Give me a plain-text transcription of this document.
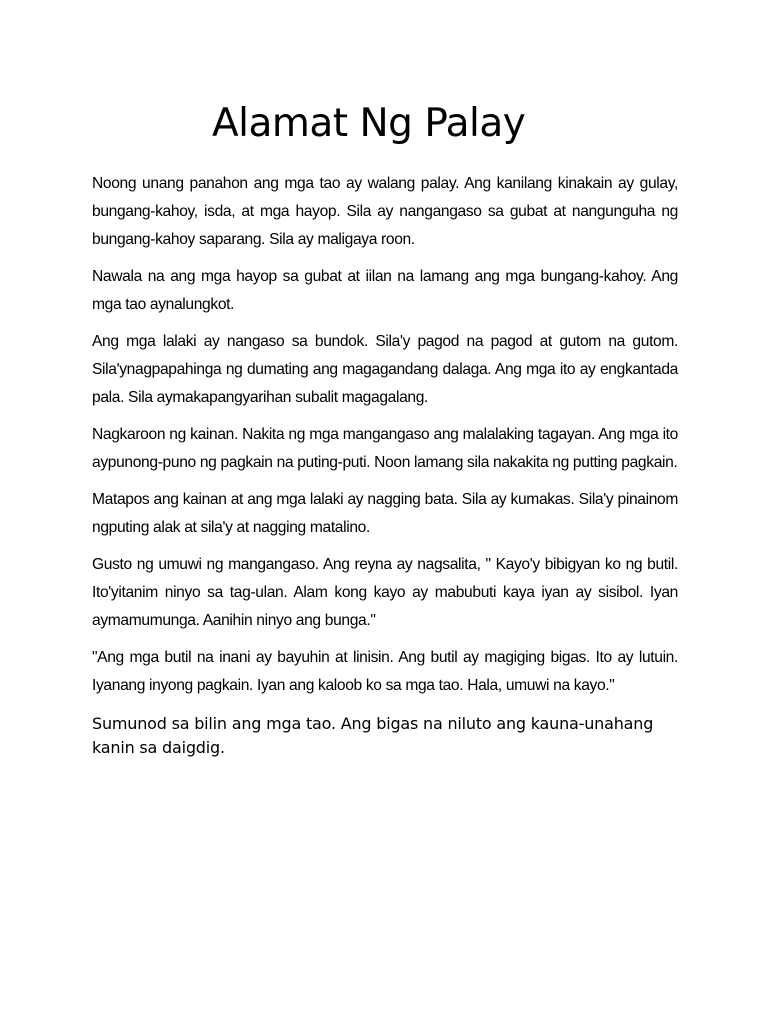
Alamat Ng Palay

Noong unang panahon ang mga tao ay walang palay. Ang kanilang kinakain ay gulay, bungang-kahoy, isda, at mga hayop. Sila ay nangangaso sa gubat at nangunguha ng bungang-kahoy saparang. Sila ay maligaya roon.

Nawala na ang mga hayop sa gubat at iilan na lamang ang mga bungang-kahoy. Ang mga tao aynalungkot.

Ang mga lalaki ay nangaso sa bundok. Sila'y pagod na pagod at gutom na gutom. Sila'ynagpapahinga ng dumating ang magagandang dalaga. Ang mga ito ay engkantada pala. Sila aymakapangyarihan subalit magagalang.

Nagkaroon ng kainan. Nakita ng mga mangangaso ang malalaking tagayan. Ang mga ito aypunong-puno ng pagkain na puting-puti. Noon lamang sila nakakita ng putting pagkain.

Matapos ang kainan at ang mga lalaki ay nagging bata. Sila ay kumakas. Sila'y pinainom ngputing alak at sila'y at nagging matalino.

Gusto ng umuwi ng mangangaso. Ang reyna ay nagsalita, " Kayo'y bibigyan ko ng butil. Ito'yitanim ninyo sa tag-ulan. Alam kong kayo ay mabubuti kaya iyan ay sisibol. Iyan aymamumunga. Aanihin ninyo ang bunga."

"Ang mga butil na inani ay bayuhin at linisin. Ang butil ay magiging bigas. Ito ay lutuin. Iyanang inyong pagkain. Iyan ang kaloob ko sa mga tao. Hala, umuwi na kayo."

Sumunod sa bilin ang mga tao. Ang bigas na niluto ang kauna-unahang kanin sa daigdig.
